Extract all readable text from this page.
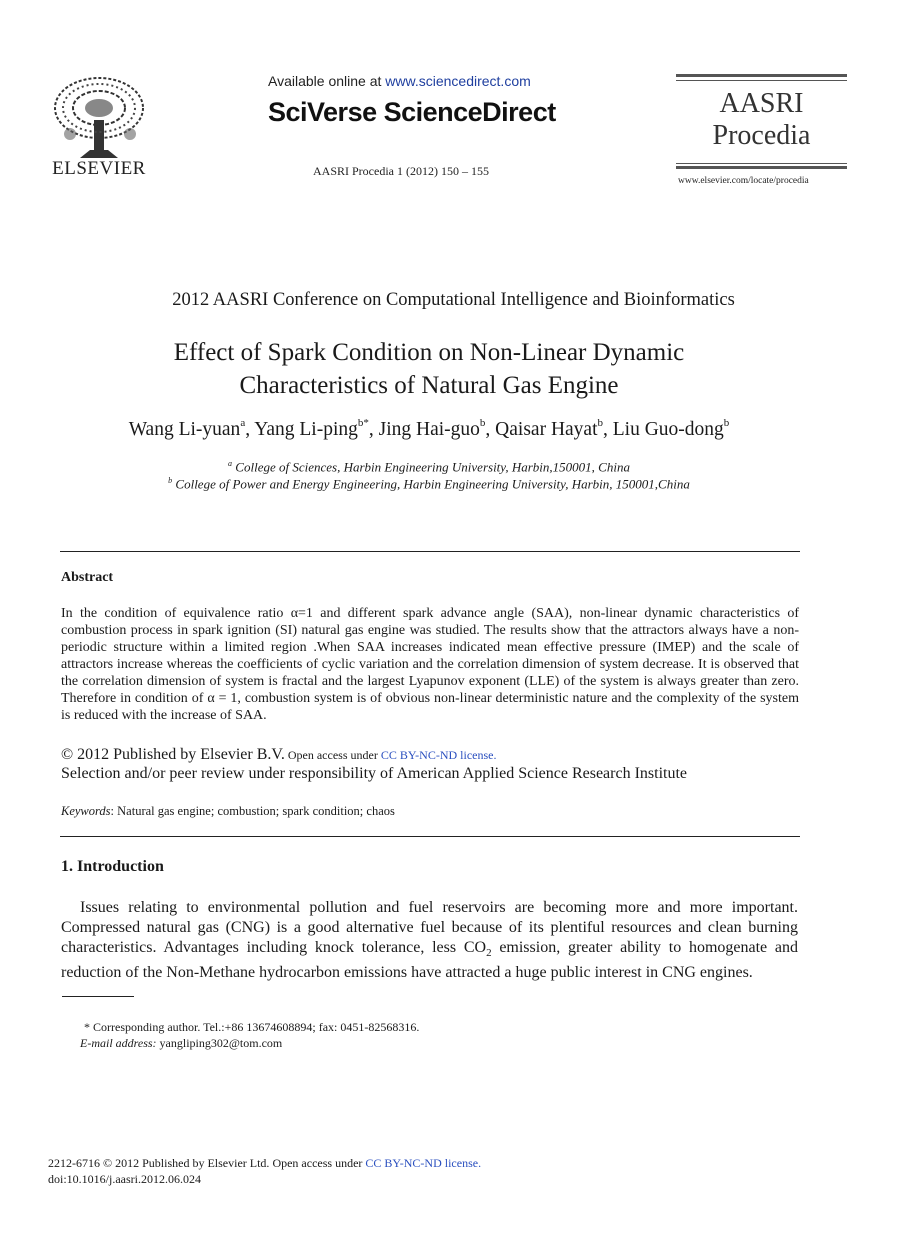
ELSEVIER
Available online at www.sciencedirect.com
SciVerse ScienceDirect
AASRI Procedia 1 (2012) 150 – 155
AASRI
Procedia
www.elsevier.com/locate/procedia
2012 AASRI Conference on Computational Intelligence and Bioinformatics
Effect of Spark Condition on Non-Linear Dynamic
Characteristics of Natural Gas Engine
Wang Li-yuan$^a$, Yang Li-ping$^{b*}$, Jing Hai-guo$^b$, Qaisar Hayat$^b$, Liu Guo-dong$^b$
$^a$ College of Sciences, Harbin Engineering University, Harbin,150001, China
$^b$ College of Power and Energy Engineering, Harbin Engineering University, Harbin, 150001,China
Abstract
In the condition of equivalence ratio α=1 and different spark advance angle (SAA), non-linear dynamic characteristics of combustion process in spark ignition (SI) natural gas engine was studied. The results show that the attractors always have a non-periodic structure within a limited region .When SAA increases indicated mean effective pressure (IMEP) and the scale of attractors increase whereas the coefficients of cyclic variation and the correlation dimension of system decrease. It is observed that the correlation dimension of system is fractal and the largest Lyapunov exponent (LLE) of the system is always greater than zero. Therefore in condition of α = 1, combustion system is of obvious non-linear deterministic nature and the complexity of the system is reduced with the increase of SAA.
© 2012 Published by Elsevier B.V. Open access under CC BY-NC-ND license.
Selection and/or peer review under responsibility of American Applied Science Research Institute
Keywords: Natural gas engine; combustion; spark condition; chaos
1. Introduction
Issues relating to environmental pollution and fuel reservoirs are becoming more and more important. Compressed natural gas (CNG) is a good alternative fuel because of its plentiful resources and clean burning characteristics. Advantages including knock tolerance, less $CO_2$ emission, greater ability to homogenate and reduction of the Non-Methane hydrocarbon emissions have attracted a huge public interest in CNG engines.
* Corresponding author. Tel.:+86 13674608894; fax: 0451-82568316.
E-mail address: yangliping302@tom.com
2212-6716 © 2012 Published by Elsevier Ltd. Open access under CC BY-NC-ND license.
doi:10.1016/j.aasri.2012.06.024
